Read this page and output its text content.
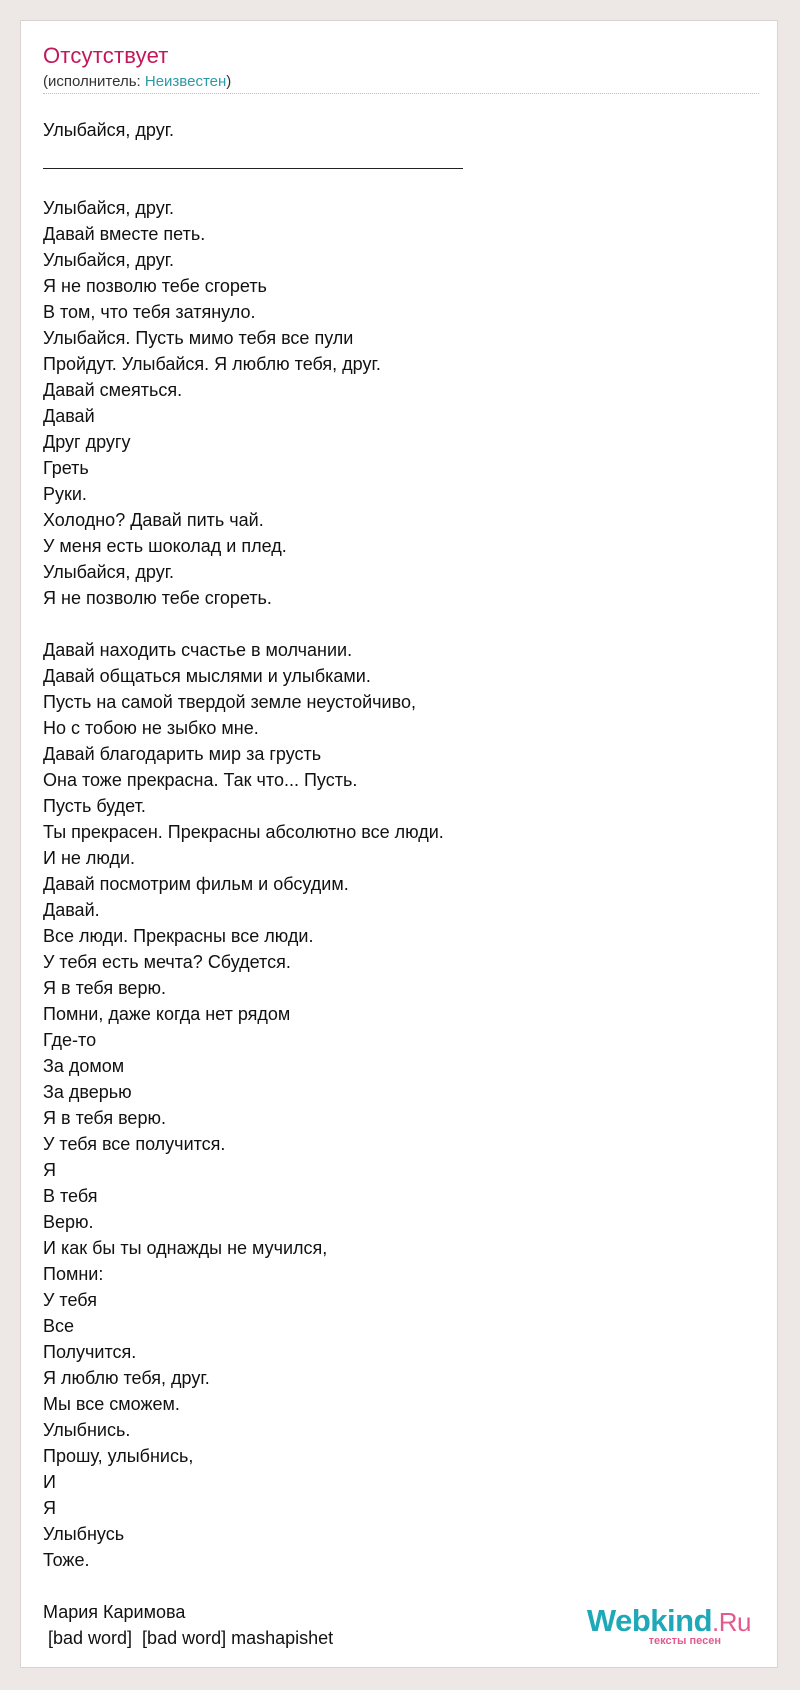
Отсутствует
(исполнитель: Неизвестен)
Улыбайся, друг.
Улыбайся, друг.
Давай вместе петь.
Улыбайся, друг.
Я не позволю тебе сгореть
В том, что тебя затянуло.
Улыбайся. Пусть мимо тебя все пули
Пройдут. Улыбайся. Я люблю тебя, друг.
Давай смеяться.
Давай
Друг другу
Греть
Руки.
Холодно? Давай пить чай.
У меня есть шоколад и плед.
Улыбайся, друг.
Я не позволю тебе сгореть.
Давай находить счастье в молчании.
Давай общаться мыслями и улыбками.
Пусть на самой твердой земле неустойчиво,
Но с тобою не зыбко мне.
Давай благодарить мир за грусть
Она тоже прекрасна. Так что... Пусть.
Пусть будет.
Ты прекрасен. Прекрасны абсолютно все люди.
И не люди.
Давай посмотрим фильм и обсудим.
Давай.
Все люди. Прекрасны все люди.
У тебя есть мечта? Сбудется.
Я в тебя верю.
Помни, даже когда нет рядом
Где-то
За домом
За дверью
Я в тебя верю.
У тебя все получится.
Я
В тебя
Верю.
И как бы ты однажды не мучился,
Помни:
У тебя
Все
Получится.
Я люблю тебя, друг.
Мы все сможем.
Улыбнись.
Прошу, улыбнись,
И
Я
Улыбнусь
Тоже.
Мария Каримова
[bad word]  [bad word] mashapishet	Webkind.Ru
тексты песен
